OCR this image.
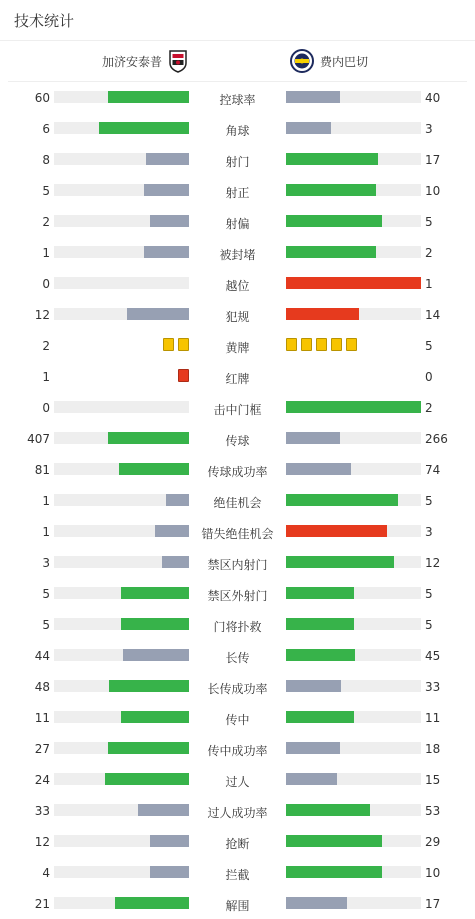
技术统计
加济安泰普	费内巴切
60	控球率	40
6	角球	3
8	射门	17
5	射正	10
2	射偏	5
1	被封堵	2
0	越位	1
12	犯规	14
2	黄牌	5
1	红牌	0
0	击中门框	2
407	传球	266
81	传球成功率	74
1	绝佳机会	5
1	错失绝佳机会	3
3	禁区内射门	12
5	禁区外射门	5
5	门将扑救	5
44	长传	45
48	长传成功率	33
11	传中	11
27	传中成功率	18
24	过人	15
33	过人成功率	53
12	抢断	29
4	拦截	10
21	解围	17
